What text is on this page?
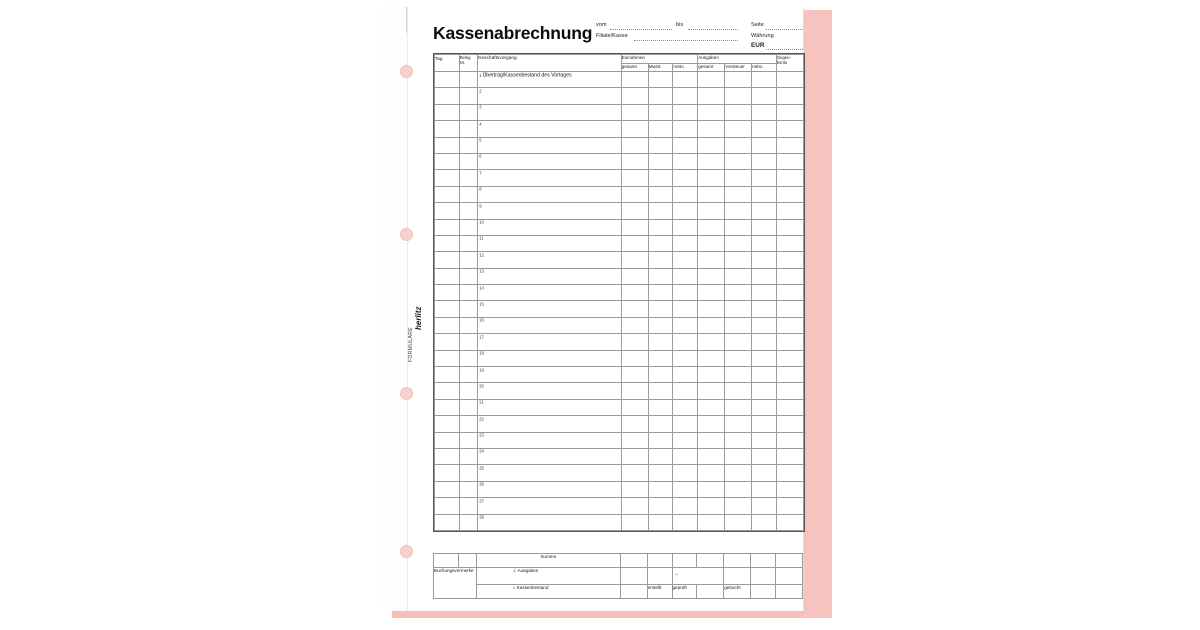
FORMULARE
herlitz
Kassenabrechnung vom	bis	Seite
Filiale/Kasse	Währung
EUR
Tag	Beleg
Nr.	Geschäftsvorgang	Einnahmen			Ausgaben			Gegen-
konto
			gesamt	MwSt.	netto	gesamt	Vorsteuer	netto	

		1 Übertrag/Kassenbestand des Vortages							
		2							
		3							
		4							
		5							
		6							
		7							
		8							
		9							
		10							
		11							
		12							
		13							
		14							
		15							
		16							
		17							
		18							
		19							
		20							
		21							
		22							
		23							
		24							
		25							
		26							
		27							
		28							
		Summe							
Buchungsvermerke		./. Ausgaben			←				
		= Kassenbestand		erstellt	geprüft		gebucht		
